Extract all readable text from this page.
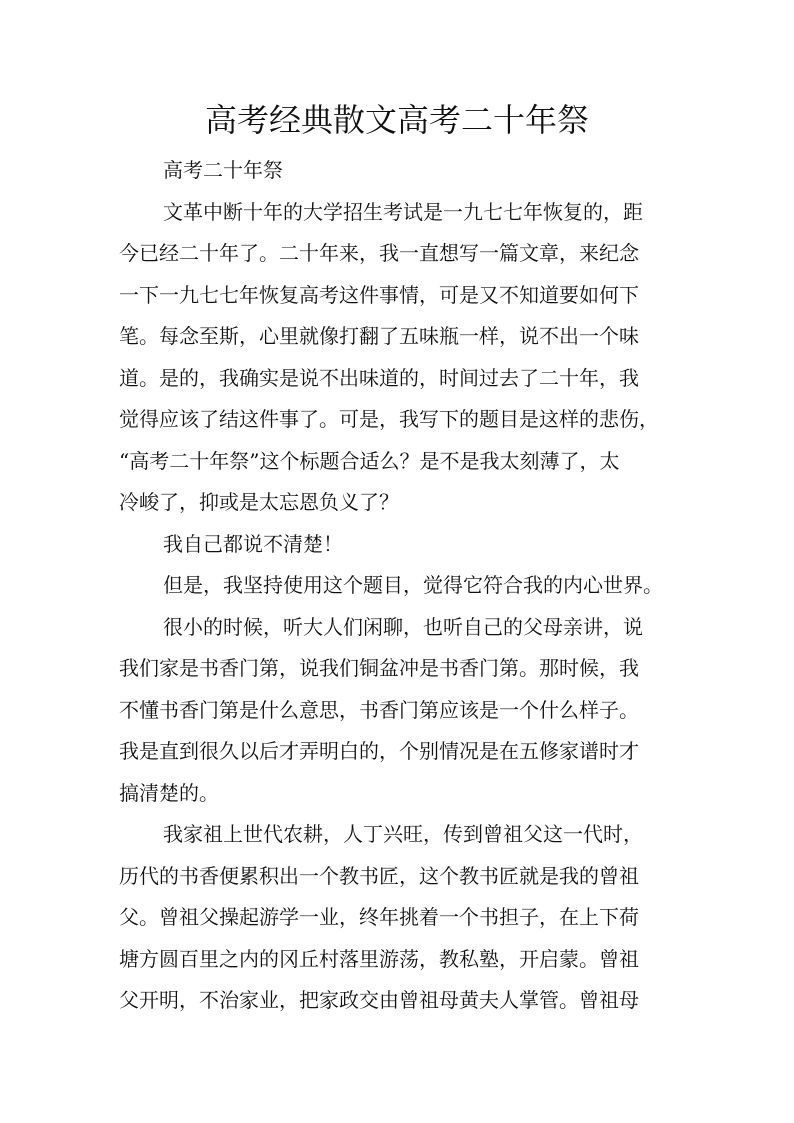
高考经典散文高考二十年祭
高考二十年祭
文革中断十年的大学招生考试是一九七七年恢复的，距
今已经二十年了。二十年来，我一直想写一篇文章，来纪念
一下一九七七年恢复高考这件事情，可是又不知道要如何下
笔。每念至斯，心里就像打翻了五味瓶一样，说不出一个味
道。是的，我确实是说不出味道的，时间过去了二十年，我
觉得应该了结这件事了。可是，我写下的题目是这样的悲伤，
“高考二十年祭”这个标题合适么？是不是我太刻薄了，太
冷峻了，抑或是太忘恩负义了？
我自己都说不清楚！
但是，我坚持使用这个题目，觉得它符合我的内心世界。
很小的时候，听大人们闲聊，也听自己的父母亲讲，说
我们家是书香门第，说我们铜盆冲是书香门第。那时候，我
不懂书香门第是什么意思，书香门第应该是一个什么样子。
我是直到很久以后才弄明白的，个别情况是在五修家谱时才
搞清楚的。
我家祖上世代农耕，人丁兴旺，传到曾祖父这一代时，
历代的书香便累积出一个教书匠，这个教书匠就是我的曾祖
父。曾祖父操起游学一业，终年挑着一个书担子，在上下荷
塘方圆百里之内的冈丘村落里游荡，教私塾，开启蒙。曾祖
父开明，不治家业，把家政交由曾祖母黄夫人掌管。曾祖母
